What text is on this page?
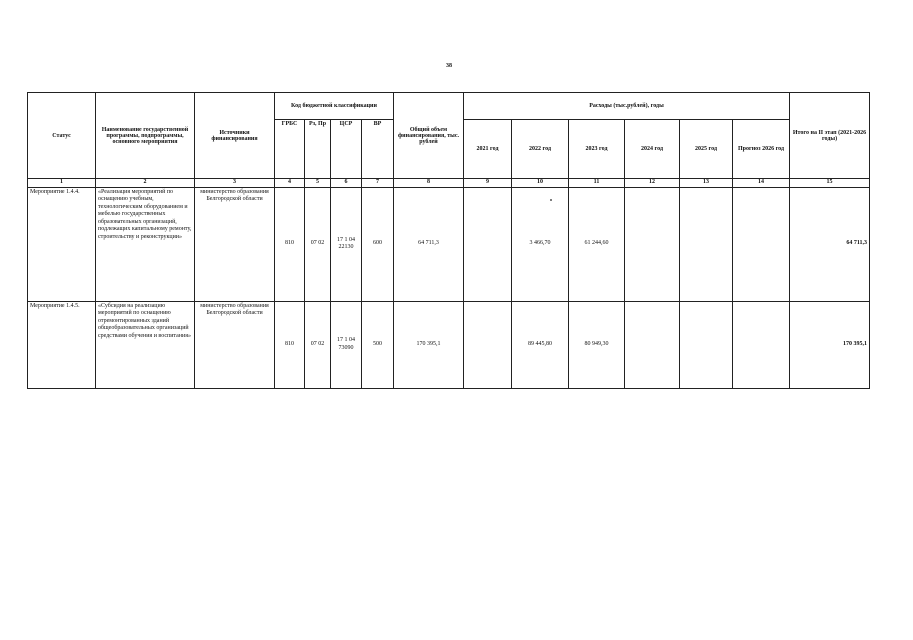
38
Статус	Наименование государственной программы, подпрограммы, основного мероприятия	Источники финансирования	Код бюджетной классификации				Общий объем финансирования, тыс. рублей	Расходы (тыс.рублей), годы						Итого на II этап (2021-2026 годы)
			ГРБС	Рз, Пр	ЦСР	ВР		2021 год	2022 год	2023 год	2024 год	2025 год	Прогноз 2026 год	
1	2	3	4	5	6	7	8	9	10	11	12	13	14	15
Мероприятие 1.4.4.	«Реализация мероприятий по оснащению учебным, технологическим оборудованием и мебелью государственных образовательных организаций, подлежащих капитальному ремонту, строительству и реконструкции»	министерство образования Белгородской области	810	07 02	17 1 04 22130	600	64 711,3		3 466,70	61 244,60				64 711,3
Мероприятие 1.4.5.	«Субсидия на реализацию мероприятий по оснащению отремонтированных зданий общеобразовательных организаций средствами обучения и воспитания»	министерство образования Белгородской области	810	07 02	17 1 04 73090	500	170 395,1		89 445,80	80 949,30				170 395,1
